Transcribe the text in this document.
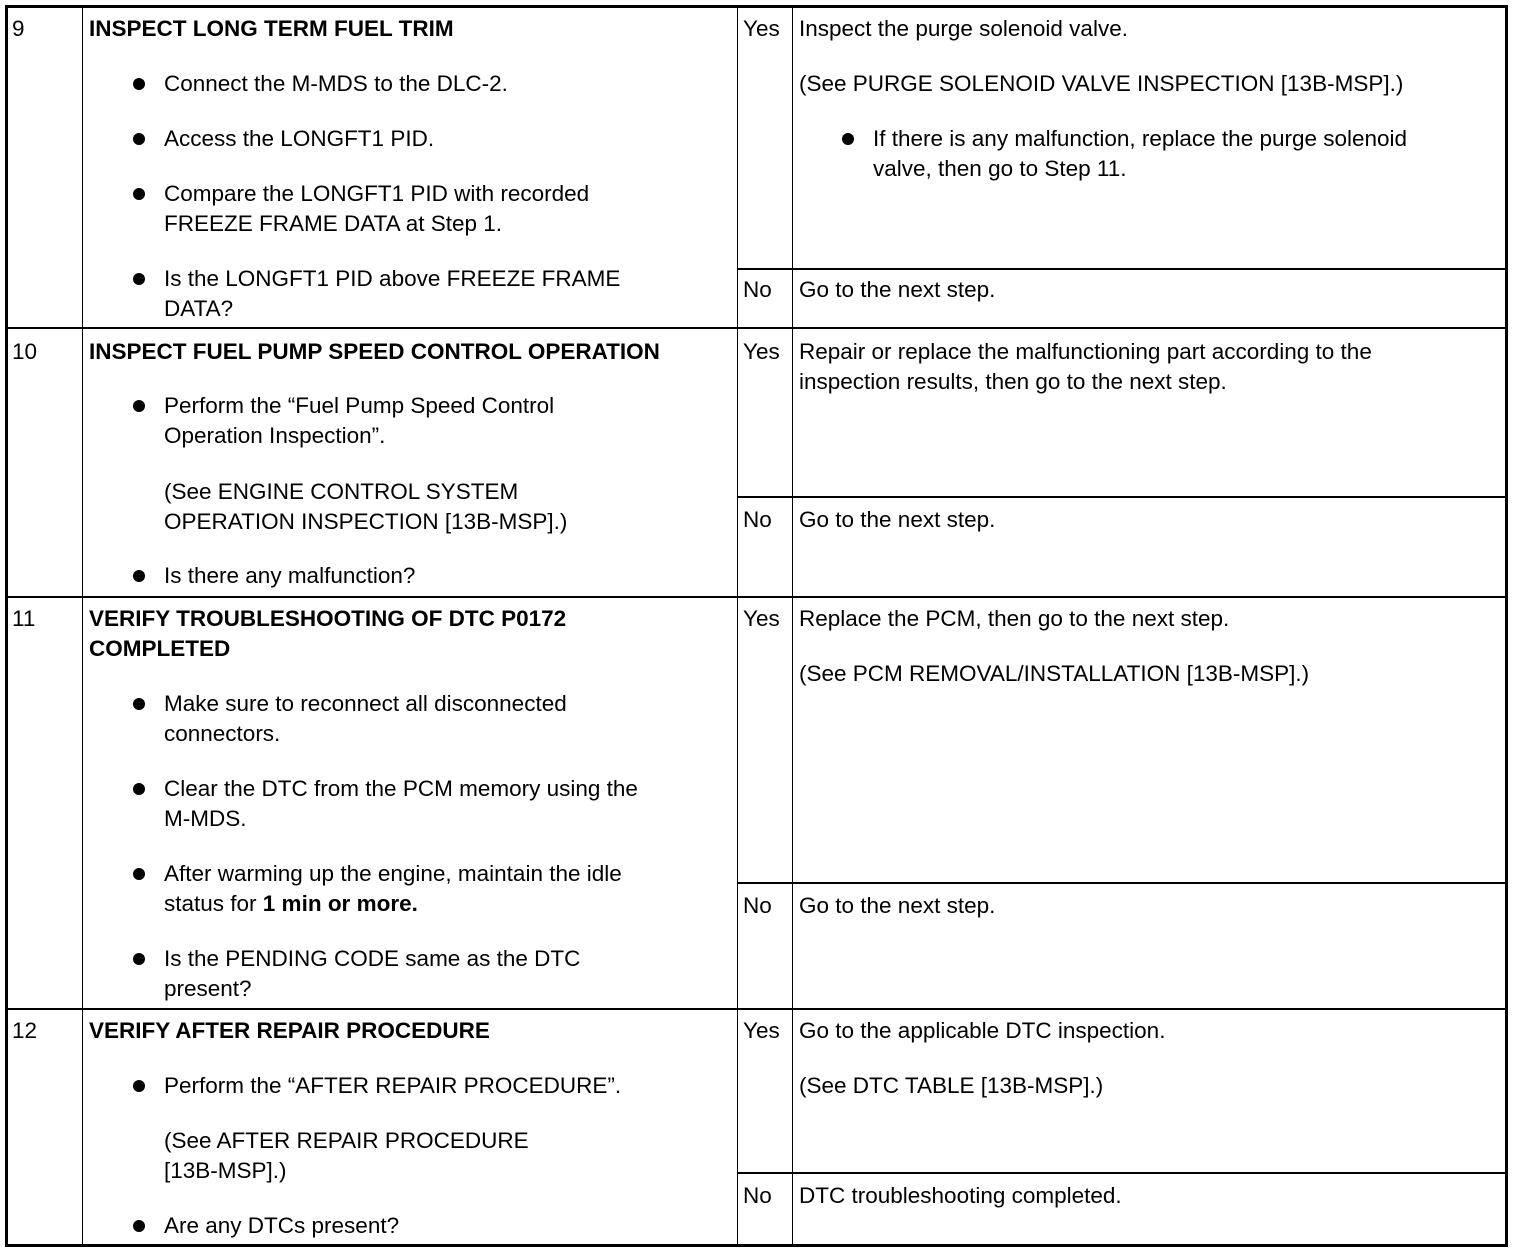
9	INSPECT LONG TERM FUEL TRIM

Connect the M-MDS to the DLC-2.

Access the LONGFT1 PID.

Compare the LONGFT1 PID with recorded

FREEZE FRAME DATA at Step 1.

Is the LONGFT1 PID above FREEZE FRAME

DATA?

Yes Inspect the purge solenoid valve.

(See PURGE SOLENOID VALVE INSPECTION [13B-MSP].)

If there is any malfunction, replace the purge solenoid

valve, then go to Step 11.

No Go to the next step.

10 INSPECT FUEL PUMP SPEED CONTROL OPERATION

Perform the “Fuel Pump Speed Control

Operation Inspection”.

(See ENGINE CONTROL SYSTEM

OPERATION INSPECTION [13B-MSP].)

Is there any malfunction?

Yes Repair or replace the malfunctioning part according to the

inspection results, then go to the next step.

No Go to the next step.

11 VERIFY TROUBLESHOOTING OF DTC P0172

COMPLETED

Make sure to reconnect all disconnected

connectors.

Clear the DTC from the PCM memory using the

M-MDS.

After warming up the engine, maintain the idle

status for 1 min or more.

Is the PENDING CODE same as the DTC

present?

Yes Replace the PCM, then go to the next step.

(See PCM REMOVAL/INSTALLATION [13B-MSP].)

No Go to the next step.

12 VERIFY AFTER REPAIR PROCEDURE

Perform the “AFTER REPAIR PROCEDURE”.

(See AFTER REPAIR PROCEDURE

[13B-MSP].)

Are any DTCs present?

Yes Go to the applicable DTC inspection.

(See DTC TABLE [13B-MSP].)

No DTC troubleshooting completed.
